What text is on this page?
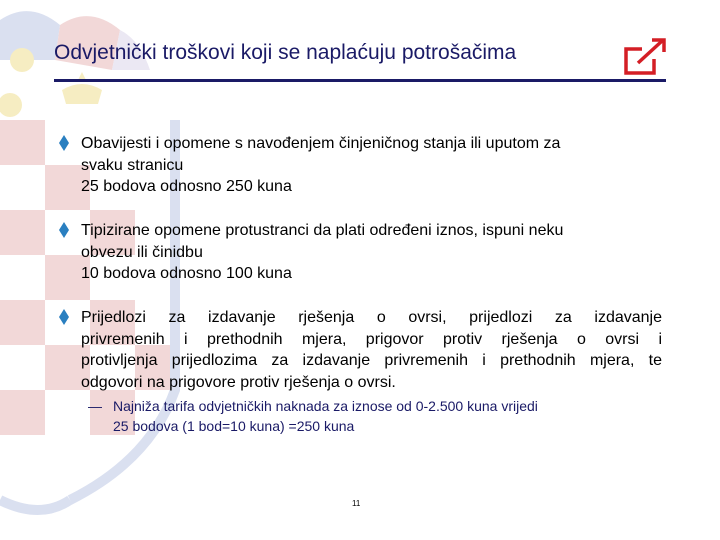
Odvjetnički troškovi koji se naplaćuju potrošačima
Obavijesti i opomene s navođenjem činjeničnog stanja ili uputom za
svaku stranicu
25 bodova odnosno 250 kuna
Tipizirane opomene protustranci da plati određeni iznos, ispuni neku
obvezu ili činidbu
10 bodova odnosno 100 kuna
Prijedlozi za izdavanje rješenja o ovrsi, prijedlozi za izdavanje
privremenih i prethodnih mjera, prigovor protiv rješenja o ovrsi i
protivljenja prijedlozima za izdavanje privremenih i prethodnih mjera, te
odgovori na prigovore protiv rješenja o ovrsi.
— Najniža tarifa odvjetničkih naknada za iznose od 0-2.500 kuna vrijedi
25 bodova (1 bod=10 kuna) =250 kuna
11
